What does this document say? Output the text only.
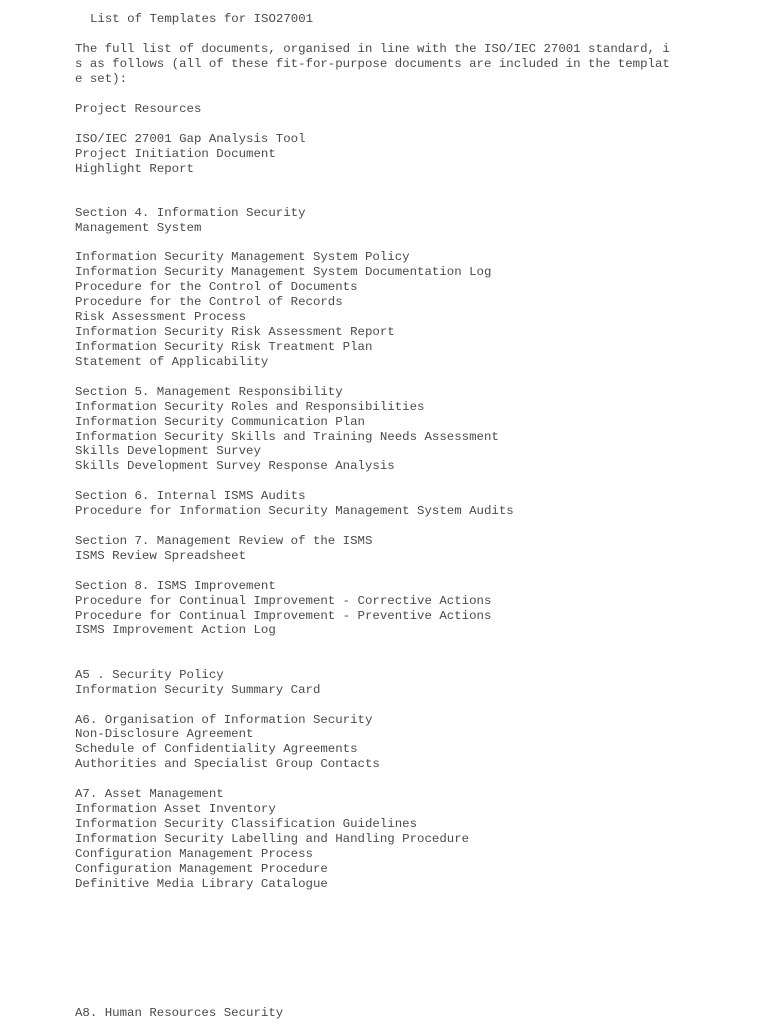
List of Templates for ISO27001
The full list of documents, organised in line with the ISO/IEC 27001 standard, i
s as follows (all of these fit-for-purpose documents are included in the templat
e set):
Project Resources
ISO/IEC 27001 Gap Analysis Tool
Project Initiation Document
Highlight Report
Section 4. Information Security
Management System
Information Security Management System Policy
Information Security Management System Documentation Log
Procedure for the Control of Documents
Procedure for the Control of Records
Risk Assessment Process
Information Security Risk Assessment Report
Information Security Risk Treatment Plan
Statement of Applicability
Section 5. Management Responsibility
Information Security Roles and Responsibilities
Information Security Communication Plan
Information Security Skills and Training Needs Assessment
Skills Development Survey
Skills Development Survey Response Analysis
Section 6. Internal ISMS Audits
Procedure for Information Security Management System Audits
Section 7. Management Review of the ISMS
ISMS Review Spreadsheet
Section 8. ISMS Improvement
Procedure for Continual Improvement - Corrective Actions
Procedure for Continual Improvement - Preventive Actions
ISMS Improvement Action Log
A5 . Security Policy
Information Security Summary Card
A6. Organisation of Information Security
Non-Disclosure Agreement
Schedule of Confidentiality Agreements
Authorities and Specialist Group Contacts
A7. Asset Management
Information Asset Inventory
Information Security Classification Guidelines
Information Security Labelling and Handling Procedure
Configuration Management Process
Configuration Management Procedure
Definitive Media Library Catalogue
A8. Human Resources Security
